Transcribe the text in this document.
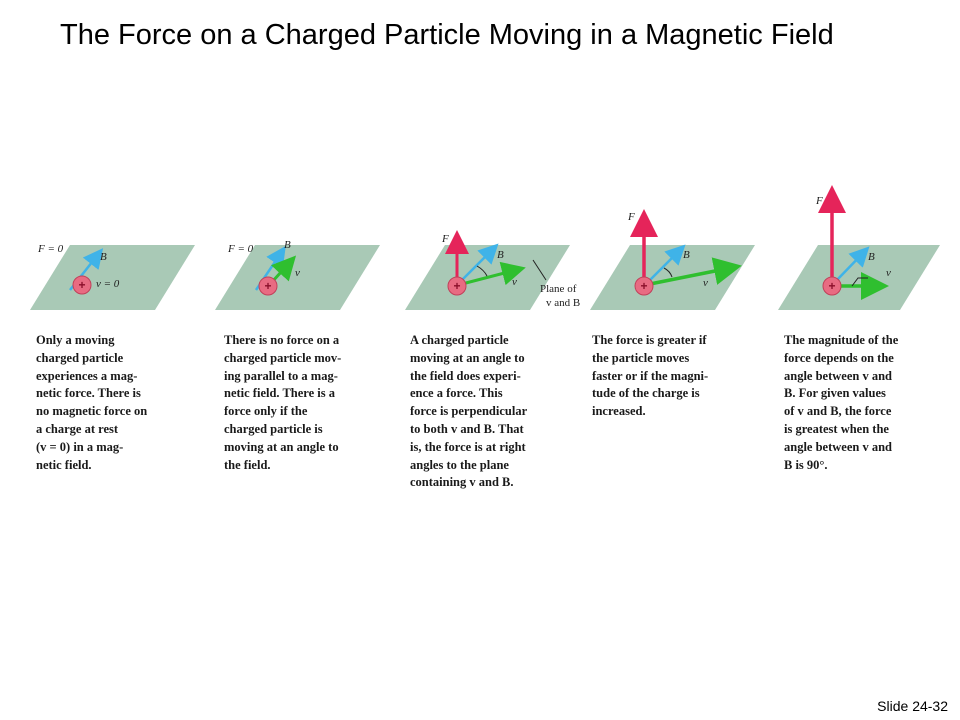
The Force on a Charged Particle Moving in a Magnetic Field
+
F = 0
B
v = 0	+
F = 0	B
v
+
F
B
v
Plane of
v and B
+
F
B
v	+
F
B
v

Only a moving
charged particle
experiences a mag-
netic force. There is
no magnetic force on
a charge at rest
(v = 0) in a mag-
netic field.

There is no force on a
charged particle mov-
ing parallel to a mag-
netic field. There is a
force only if the
charged particle is
moving at an angle to
the field.

A charged particle
moving at an angle to
the field does experi-
ence a force. This
force is perpendicular
to both v and B. That
is, the force is at right
angles to the plane
containing v and B.

The force is greater if
the particle moves
faster or if the magni-
tude of the charge is
increased.

The magnitude of the
force depends on the
angle between v and
B. For given values
of v and B, the force
is greatest when the
angle between v and
B is 90°.

Slide 24-32
